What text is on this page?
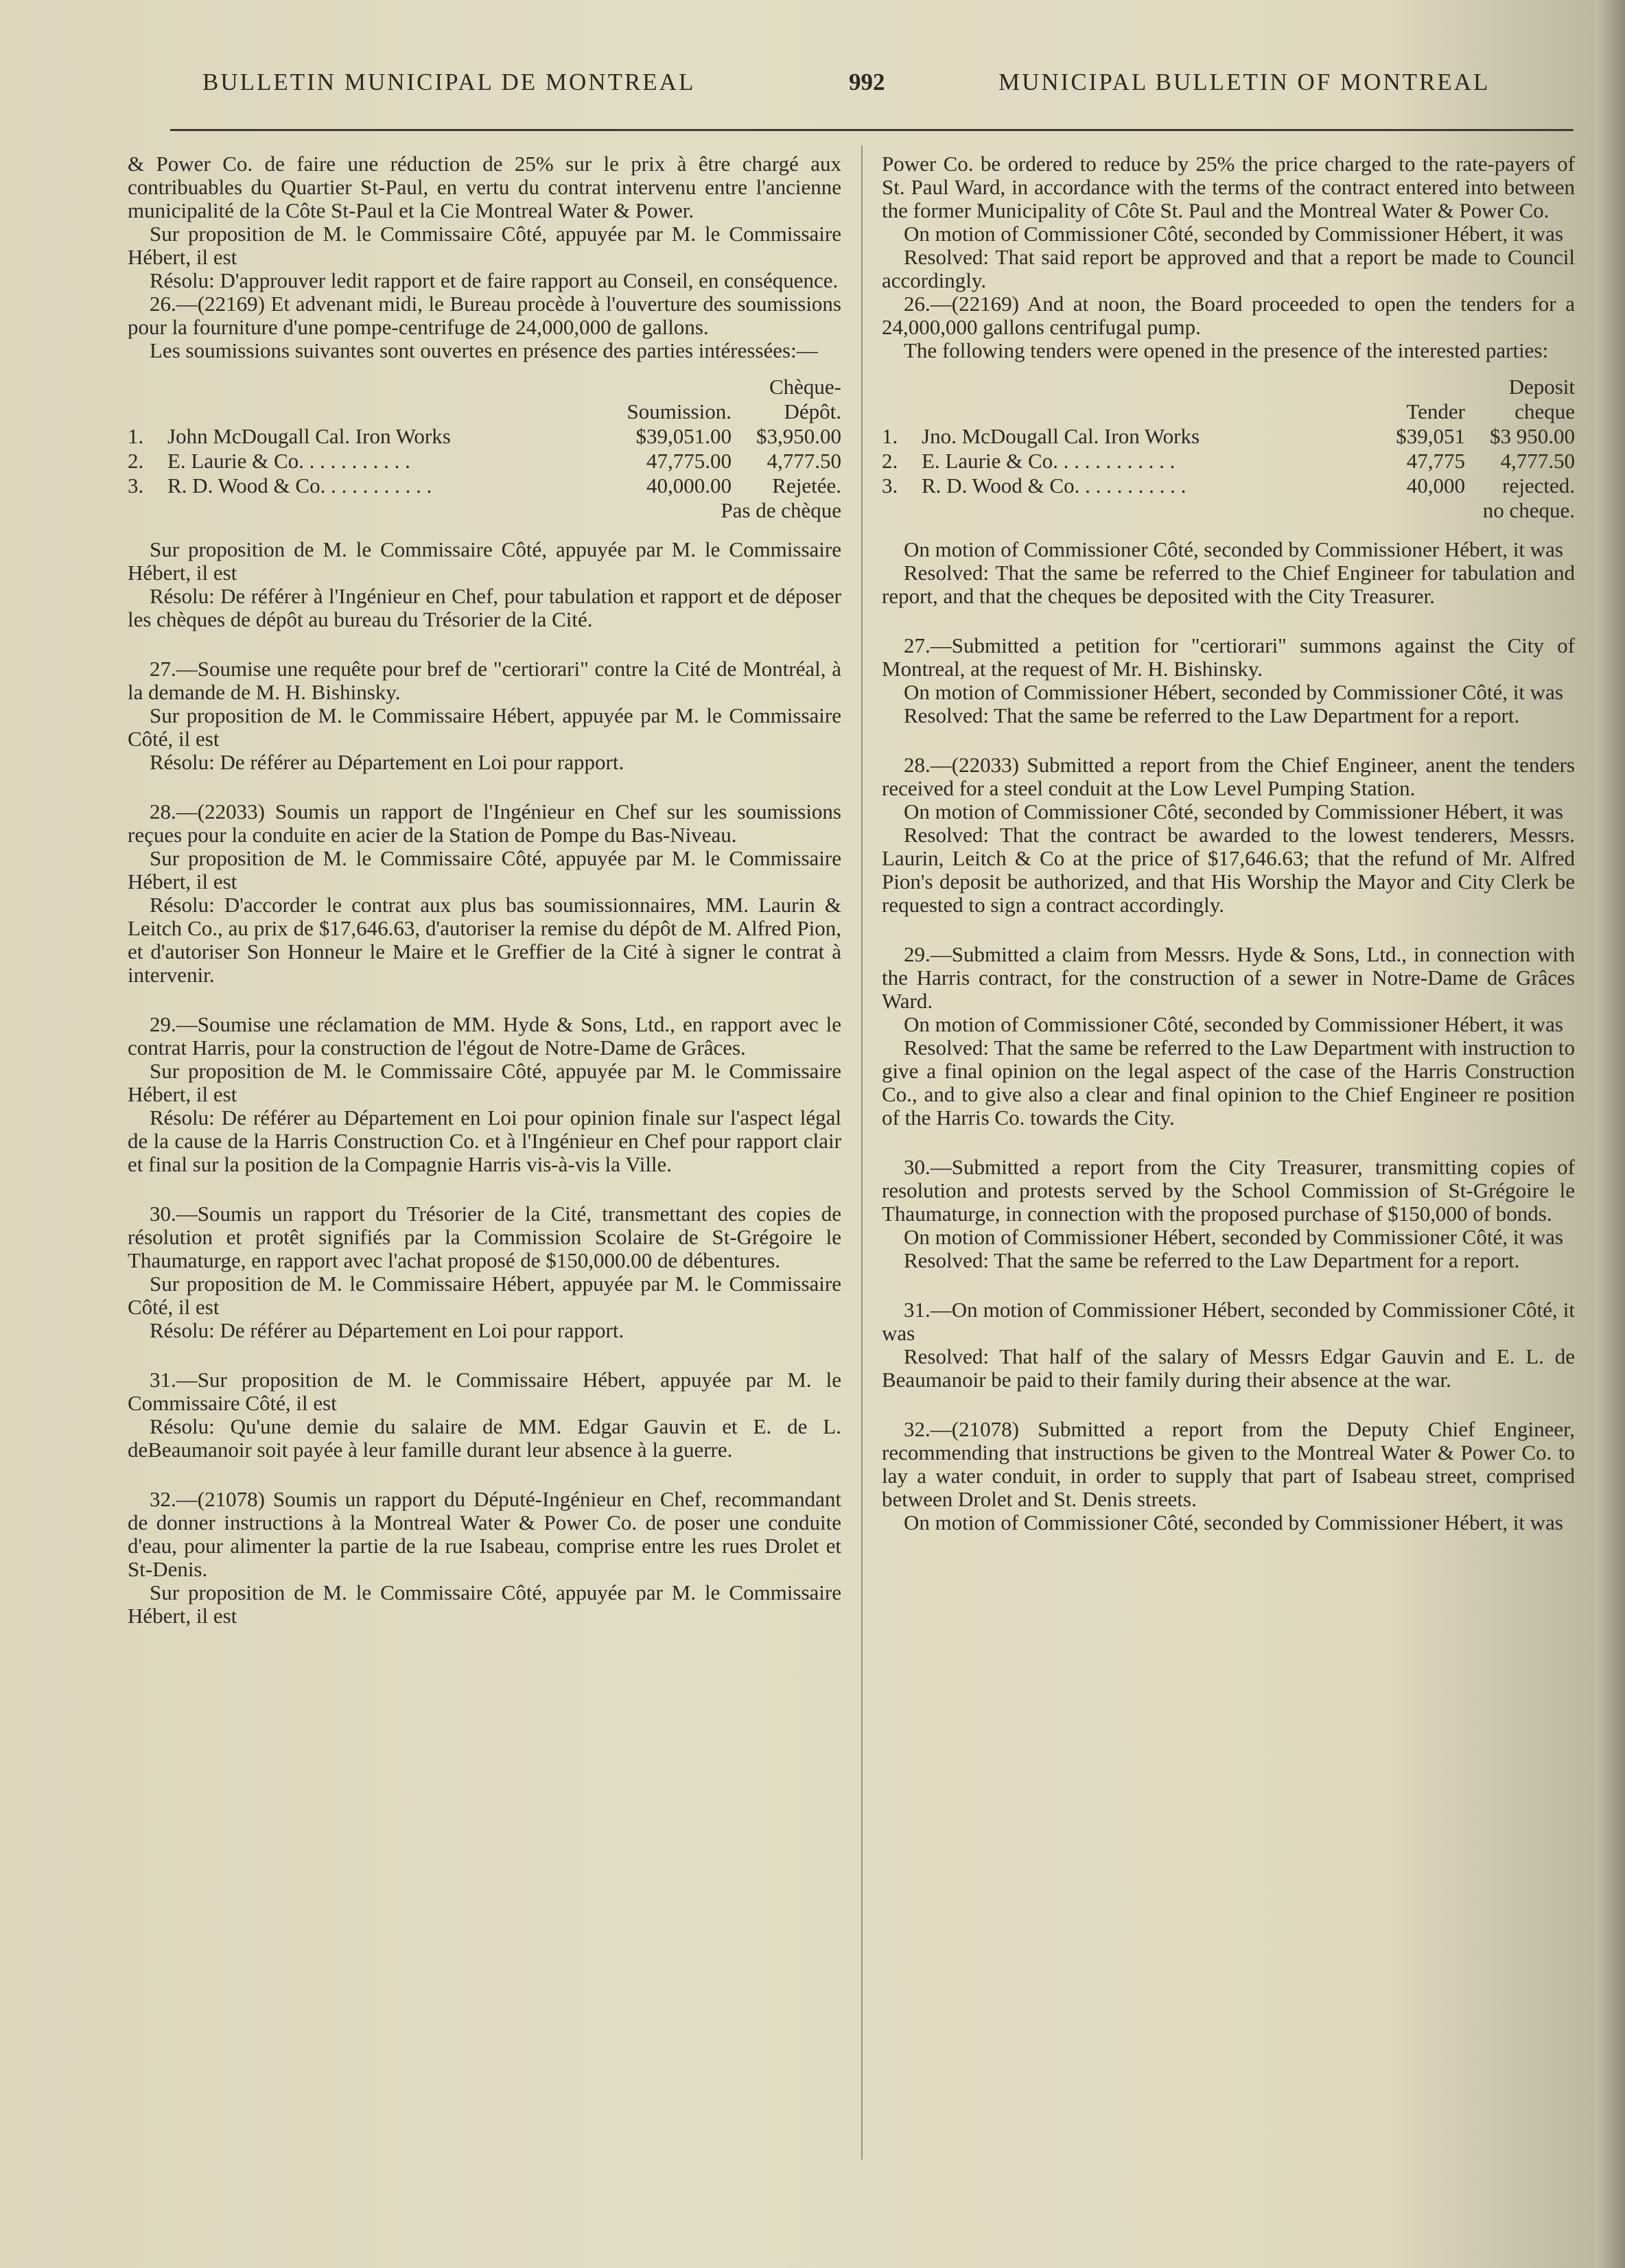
BULLETIN MUNICIPAL DE MONTREAL	992	MUNICIPAL BULLETIN OF MONTREAL

& Power Co. de faire une réduction de 25% sur le prix à être chargé aux contribuables du Quartier St-Paul, en vertu du contrat intervenu entre l'ancienne municipalité de la Côte St-Paul et la Cie Montreal Water & Power.

Sur proposition de M. le Commissaire Côté, appuyée par M. le Commissaire Hébert, il est

Résolu: D'approuver ledit rapport et de faire rapport au Conseil, en conséquence.

26.—(22169) Et advenant midi, le Bureau procède à l'ouverture des soumissions pour la fourniture d'une pompe-centrifuge de 24,000,000 de gallons.

Les soumissions suivantes sont ouvertes en présence des parties intéressées:—

			Chèque-
		Soumission.	Dépôt.
1.	John McDougall Cal. Iron Works	$39,051.00	$3,950.00
2.	E. Laurie & Co. . . . . . . . . . .	47,775.00	4,777.50
3.	R. D. Wood & Co. . . . . . . . . . .	40,000.00	Rejetée.
		Pas de chèque	

Sur proposition de M. le Commissaire Côté, appuyée par M. le Commissaire Hébert, il est

Résolu: De référer à l'Ingénieur en Chef, pour tabulation et rapport et de déposer les chèques de dépôt au bureau du Trésorier de la Cité.

27.—Soumise une requête pour bref de "certiorari" contre la Cité de Montréal, à la demande de M. H. Bishinsky.

Sur proposition de M. le Commissaire Hébert, appuyée par M. le Commissaire Côté, il est

Résolu: De référer au Département en Loi pour rapport.

28.—(22033) Soumis un rapport de l'Ingénieur en Chef sur les soumissions reçues pour la conduite en acier de la Station de Pompe du Bas-Niveau.

Sur proposition de M. le Commissaire Côté, appuyée par M. le Commissaire Hébert, il est

Résolu: D'accorder le contrat aux plus bas soumissionnaires, MM. Laurin & Leitch Co., au prix de $17,646.63, d'autoriser la remise du dépôt de M. Alfred Pion, et d'autoriser Son Honneur le Maire et le Greffier de la Cité à signer le contrat à intervenir.

29.—Soumise une réclamation de MM. Hyde & Sons, Ltd., en rapport avec le contrat Harris, pour la construction de l'égout de Notre-Dame de Grâces.

Sur proposition de M. le Commissaire Côté, appuyée par M. le Commissaire Hébert, il est

Résolu: De référer au Département en Loi pour opinion finale sur l'aspect légal de la cause de la Harris Construction Co. et à l'Ingénieur en Chef pour rapport clair et final sur la position de la Compagnie Harris vis-à-vis la Ville.

30.—Soumis un rapport du Trésorier de la Cité, transmettant des copies de résolution et protêt signifiés par la Commission Scolaire de St-Grégoire le Thaumaturge, en rapport avec l'achat proposé de $150,000.00 de débentures.

Sur proposition de M. le Commissaire Hébert, appuyée par M. le Commissaire Côté, il est

Résolu: De référer au Département en Loi pour rapport.

31.—Sur proposition de M. le Commissaire Hébert, appuyée par M. le Commissaire Côté, il est

Résolu: Qu'une demie du salaire de MM. Edgar Gauvin et E. de L. deBeaumanoir soit payée à leur famille durant leur absence à la guerre.

32.—(21078) Soumis un rapport du Député-Ingénieur en Chef, recommandant de donner instructions à la Montreal Water & Power Co. de poser une conduite d'eau, pour alimenter la partie de la rue Isabeau, comprise entre les rues Drolet et St-Denis.

Sur proposition de M. le Commissaire Côté, appuyée par M. le Commissaire Hébert, il est

Power Co. be ordered to reduce by 25% the price charged to the rate-payers of St. Paul Ward, in accordance with the terms of the contract entered into between the former Municipality of Côte St. Paul and the Montreal Water & Power Co.

On motion of Commissioner Côté, seconded by Commissioner Hébert, it was

Resolved: That said report be approved and that a report be made to Council accordingly.

26.—(22169) And at noon, the Board proceeded to open the tenders for a 24,000,000 gallons centrifugal pump.

The following tenders were opened in the presence of the interested parties:

			Deposit
		Tender	cheque
1.	Jno. McDougall Cal. Iron Works	$39,051	$3 950.00
2.	E. Laurie & Co. . . . . . . . . . . .	47,775	4,777.50
3.	R. D. Wood & Co. . . . . . . . . . .	40,000	rejected.
		no cheque.	

On motion of Commissioner Côté, seconded by Commissioner Hébert, it was

Resolved: That the same be referred to the Chief Engineer for tabulation and report, and that the cheques be deposited with the City Treasurer.

27.—Submitted a petition for "certiorari" summons against the City of Montreal, at the request of Mr. H. Bishinsky.

On motion of Commissioner Hébert, seconded by Commissioner Côté, it was

Resolved: That the same be referred to the Law Department for a report.

28.—(22033) Submitted a report from the Chief Engineer, anent the tenders received for a steel conduit at the Low Level Pumping Station.

On motion of Commissioner Côté, seconded by Commissioner Hébert, it was

Resolved: That the contract be awarded to the lowest tenderers, Messrs. Laurin, Leitch & Co at the price of $17,646.63; that the refund of Mr. Alfred Pion's deposit be authorized, and that His Worship the Mayor and City Clerk be requested to sign a contract accordingly.

29.—Submitted a claim from Messrs. Hyde & Sons, Ltd., in connection with the Harris contract, for the construction of a sewer in Notre-Dame de Grâces Ward.

On motion of Commissioner Côté, seconded by Commissioner Hébert, it was

Resolved: That the same be referred to the Law Department with instruction to give a final opinion on the legal aspect of the case of the Harris Construction Co., and to give also a clear and final opinion to the Chief Engineer re position of the Harris Co. towards the City.

30.—Submitted a report from the City Treasurer, transmitting copies of resolution and protests served by the School Commission of St-Grégoire le Thaumaturge, in connection with the proposed purchase of $150,000 of bonds.

On motion of Commissioner Hébert, seconded by Commissioner Côté, it was

Resolved: That the same be referred to the Law Department for a report.

31.—On motion of Commissioner Hébert, seconded by Commissioner Côté, it was

Resolved: That half of the salary of Messrs Edgar Gauvin and E. L. de Beaumanoir be paid to their family during their absence at the war.

32.—(21078) Submitted a report from the Deputy Chief Engineer, recommending that instructions be given to the Montreal Water & Power Co. to lay a water conduit, in order to supply that part of Isabeau street, comprised between Drolet and St. Denis streets.

On motion of Commissioner Côté, seconded by Commissioner Hébert, it was
